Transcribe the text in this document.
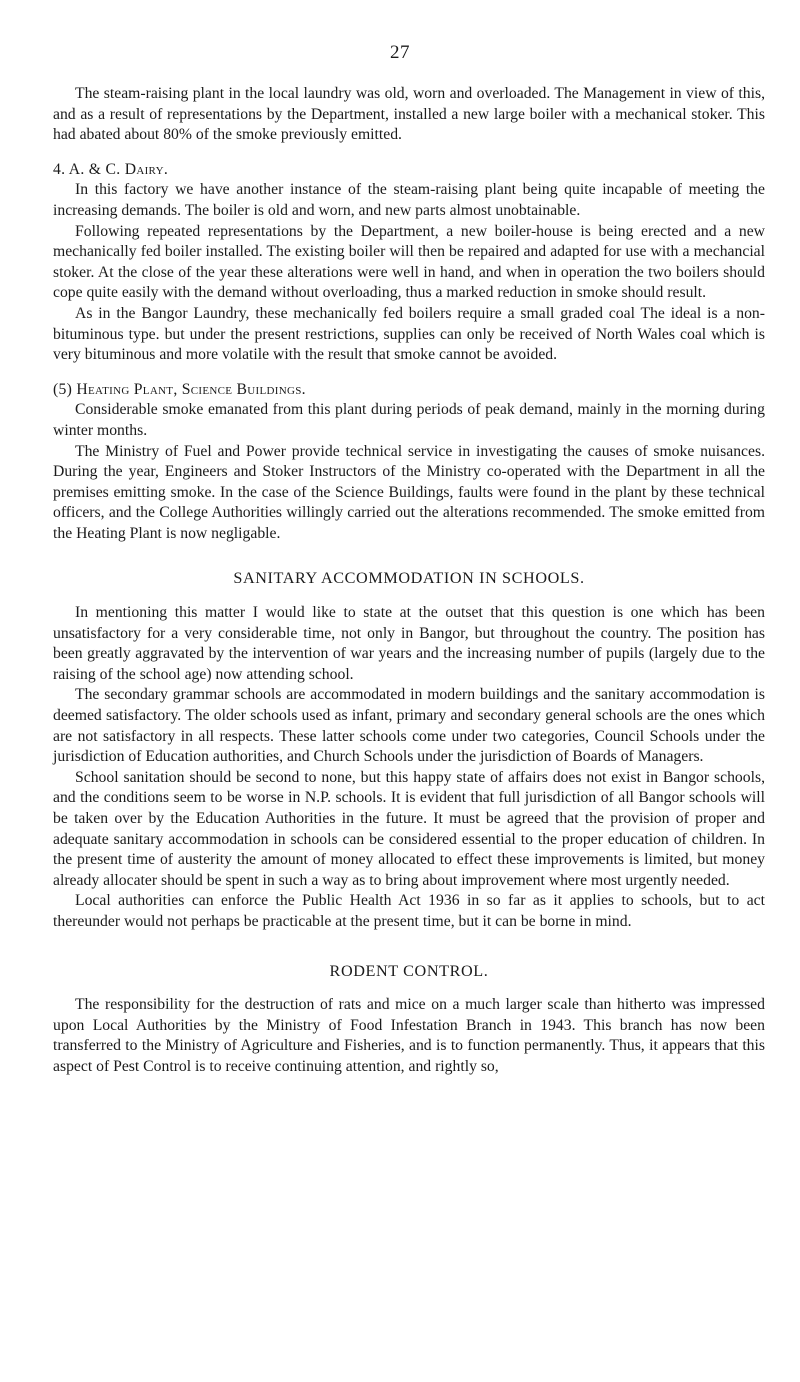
27

The steam-raising plant in the local laundry was old, worn and overloaded. The Management in view of this, and as a result of representations by the Department, installed a new large boiler with a mechanical stoker. This had abated about 80% of the smoke previously emitted.

4. A. & C. Dairy.

In this factory we have another instance of the steam-raising plant being quite incapable of meeting the increasing demands. The boiler is old and worn, and new parts almost unobtainable.

Following repeated representations by the Department, a new boiler-house is being erected and a new mechanically fed boiler installed. The existing boiler will then be repaired and adapted for use with a mechancial stoker. At the close of the year these alterations were well in hand, and when in operation the two boilers should cope quite easily with the demand without overloading, thus a marked reduction in smoke should result.

As in the Bangor Laundry, these mechanically fed boilers require a small graded coal The ideal is a non-bituminous type. but under the present restrictions, supplies can only be received of North Wales coal which is very bituminous and more volatile with the result that smoke cannot be avoided.

(5) Heating Plant, Science Buildings.

Considerable smoke emanated from this plant during periods of peak demand, mainly in the morning during winter months.

The Ministry of Fuel and Power provide technical service in investigating the causes of smoke nuisances. During the year, Engineers and Stoker Instructors of the Ministry co-operated with the Department in all the premises emitting smoke. In the case of the Science Buildings, faults were found in the plant by these technical officers, and the College Authorities willingly carried out the alterations recommended. The smoke emitted from the Heating Plant is now negligable.

SANITARY ACCOMMODATION IN SCHOOLS.

In mentioning this matter I would like to state at the outset that this question is one which has been unsatisfactory for a very considerable time, not only in Bangor, but throughout the country. The position has been greatly aggravated by the intervention of war years and the increasing number of pupils (largely due to the raising of the school age) now attending school.

The secondary grammar schools are accommodated in modern buildings and the sanitary accommodation is deemed satisfactory. The older schools used as infant, primary and secondary general schools are the ones which are not satisfactory in all respects. These latter schools come under two categories, Council Schools under the jurisdiction of Education authorities, and Church Schools under the jurisdiction of Boards of Managers.

School sanitation should be second to none, but this happy state of affairs does not exist in Bangor schools, and the conditions seem to be worse in N.P. schools. It is evident that full jurisdiction of all Bangor schools will be taken over by the Education Authorities in the future. It must be agreed that the provision of proper and adequate sanitary accommodation in schools can be considered essential to the proper education of children. In the present time of austerity the amount of money allocated to effect these improvements is limited, but money already allocater should be spent in such a way as to bring about improvement where most urgently needed.

Local authorities can enforce the Public Health Act 1936 in so far as it applies to schools, but to act thereunder would not perhaps be practicable at the present time, but it can be borne in mind.

RODENT CONTROL.

The responsibility for the destruction of rats and mice on a much larger scale than hitherto was impressed upon Local Authorities by the Ministry of Food Infestation Branch in 1943. This branch has now been transferred to the Ministry of Agriculture and Fisheries, and is to function permanently. Thus, it appears that this aspect of Pest Control is to receive continuing attention, and rightly so,
